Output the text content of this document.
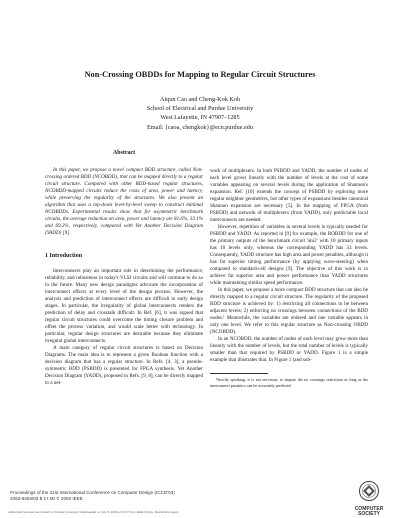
Non-Crossing OBDDs for Mapping to Regular Circuit Structures
Aiqun Cao and Cheng-Kok Koh
School of Electrical and Purdue University
West Lafayette, IN 47907–1285
Email: {caoa, chengkok}@ecn.purdue.edu
Abstract

In this paper, we propose a novel compact BDD structure, called Non-crossing ordered BDD (NCOBDD), that can be mapped directly to a regular circuit structure. Compared with other BDD-based regular structures, NCOBDD-mapped circuits reduce the costs of area, power and latency, while preserving the regularity of the structures. We also present an algorithm that uses a top-down level-by-level sweep to construct minimal NCOBDDs. Experimental results show that for asymmetric benchmark circuits, the average reduction on area, power and latency are 81.6%, 33.1% and 69.2%, respectively, compared with Yet Another Decision Diagram (YADD) [9].

1 Introduction

Interconnects play an important role in determining the performance, reliability, and robustness in today's VLSI circuits and will continue to do so in the future. Many new design paradigms advocate the incorporation of interconnect effects at every level of the design process. However, the analysis and prediction of interconnect effects are difficult in early design stages. In particular, the irregularity of global interconnects renders the prediction of delay and crosstalk difficult. In Ref. [6], it was argued that regular circuit structures could overcome the timing closure problem and offset the process variation, and would scale better with technology. In particular, regular design structures are desirable because they eliminate irregular global interconnects.

A main category of regular circuit structures is based on Decision Diagrams. The main idea is to represent a given Boolean function with a decision diagram that has a regular structure. In Refs. [4, 3], a pseudo-symmetric BDD (PSBDD) is presented for FPGA synthesis. Yet Another Decision Diagram (YADD), proposed in Refs. [9, 8], can be directly mapped to a net-

work of multiplexers. In both PSBDD and YADD, the number of nodes of each level grows linearly with the number of levels at the cost of some variables appearing on several levels during the application of Shannon's expansion. Ref. [10] extends the concept of PSBDD by exploring more regular neighbor geometries, but other types of expansions besides canonical Shannon expansion are necessary [5]. In the mapping of FPGA (from PSBDD) and network of multiplexers (from YADD), only predictable local interconnects are needed.

However, repetition of variables in several levels is typically needed for PSBDD and YADD. As reported in [9] for example, the ROBDD for one of the primary outputs of the benchmark circuit 'alu2' with 10 primary inputs has 10 levels only, whereas the corresponding YADD has 33 levels. Consequently, YADD structure has high area and power penalties, although it has far superior timing performance (by applying wave-steering) when compared to standard-cell designs [9]. The objective of this work is to achieve far superior area and power performance than YADD structures while maintaining similar speed performance.

In this paper, we propose a more compact BDD structure that can also be directly mapped to a regular circuit structure. The regularity of the proposed BDD structure is achieved by: 1) restricting all connections to be between adjacent levels; 2) enforcing no crossings between connections of the BDD nodes.¹ Meanwhile, the variables are ordered and one variable appears in only one level. We refer to this regular structure as Non-crossing OBDD (NCOBDD).

In an NCOBDD, the number of nodes of each level may grow more than linearly with the number of levels, but the total number of levels is typically smaller than that required by PSBDD or YADD. Figure 1 is a simple example that illustrates that. In Figure 1 (and sub-

¹Strictly speaking, it is not necessary to impose the no crossings restriction as long as the interconnect parasitics can be accurately predicted.

Proceedings of the 21st International Conference on Computer Design (ICCD'03)
1063-6404/03 $ 17.00 © 2003 IEEE
COMPUTER
SOCIETY
Authorized licensed use limited to: Purdue University. Downloaded on July 9, 2009 at 13:07 from IEEE Xplore. Restrictions apply.
